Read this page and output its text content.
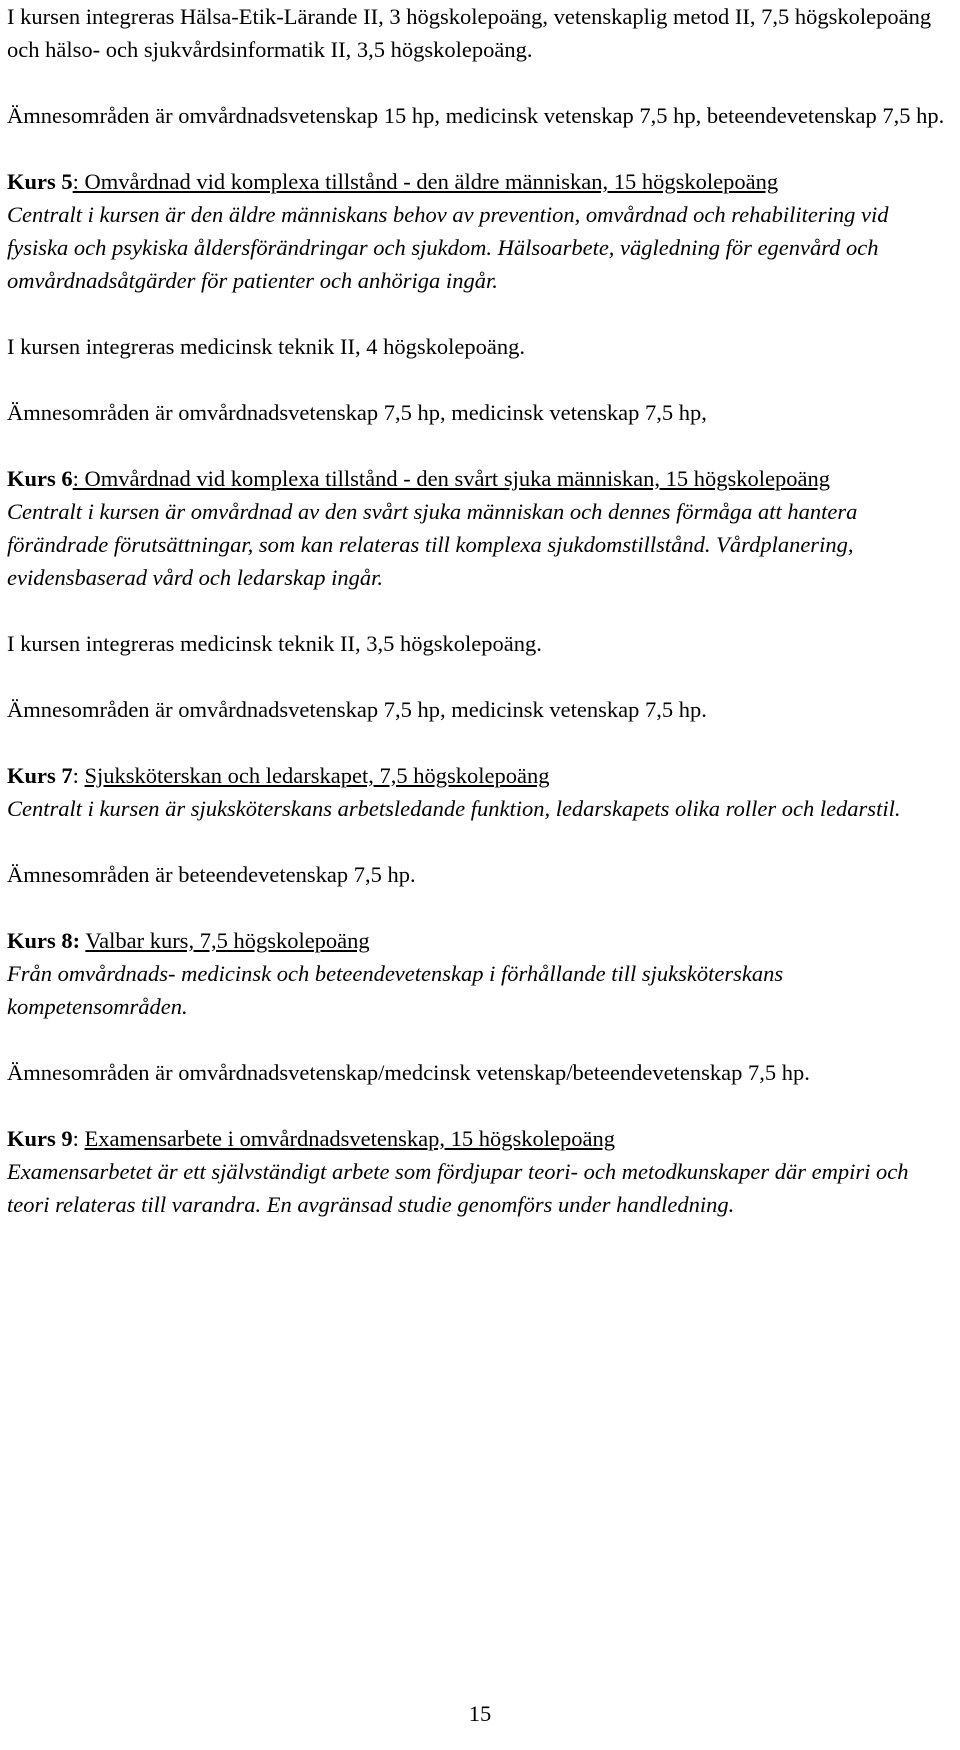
I kursen integreras Hälsa-Etik-Lärande II, 3 högskolepoäng, vetenskaplig metod II, 7,5 högskolepoäng och hälso- och sjukvårdsinformatik II, 3,5 högskolepoäng.

Ämnesområden är omvårdnadsvetenskap 15 hp, medicinsk vetenskap 7,5 hp, beteendevetenskap 7,5 hp.

Kurs 5: Omvårdnad vid komplexa tillstånd - den äldre människan, 15 högskolepoäng

Centralt i kursen är den äldre människans behov av prevention, omvårdnad och rehabilitering vid fysiska och psykiska åldersförändringar och sjukdom. Hälsoarbete, vägledning för egenvård och omvårdnadsåtgärder för patienter och anhöriga ingår.

I kursen integreras medicinsk teknik II, 4 högskolepoäng.

Ämnesområden är omvårdnadsvetenskap 7,5 hp, medicinsk vetenskap 7,5 hp,

Kurs 6: Omvårdnad vid komplexa tillstånd - den svårt sjuka människan, 15 högskolepoäng

Centralt i kursen är omvårdnad av den svårt sjuka människan och dennes förmåga att hantera förändrade förutsättningar, som kan relateras till komplexa sjukdomstillstånd. Vårdplanering, evidensbaserad vård och ledarskap ingår.

I kursen integreras medicinsk teknik II, 3,5 högskolepoäng.

Ämnesområden är omvårdnadsvetenskap 7,5 hp, medicinsk vetenskap 7,5 hp.

Kurs 7: Sjuksköterskan och ledarskapet, 7,5 högskolepoäng

Centralt i kursen är sjuksköterskans arbetsledande funktion, ledarskapets olika roller och ledarstil.

Ämnesområden är beteendevetenskap 7,5 hp.

Kurs 8: Valbar kurs, 7,5 högskolepoäng

Från omvårdnads- medicinsk och beteendevetenskap i förhållande till sjuksköterskans kompetensområden.

Ämnesområden är omvårdnadsvetenskap/medcinsk vetenskap/beteendevetenskap 7,5 hp.

Kurs 9: Examensarbete i omvårdnadsvetenskap, 15 högskolepoäng

Examensarbetet är ett självständigt arbete som fördjupar teori- och metodkunskaper där empiri och teori relateras till varandra. En avgränsad studie genomförs under handledning.

15
